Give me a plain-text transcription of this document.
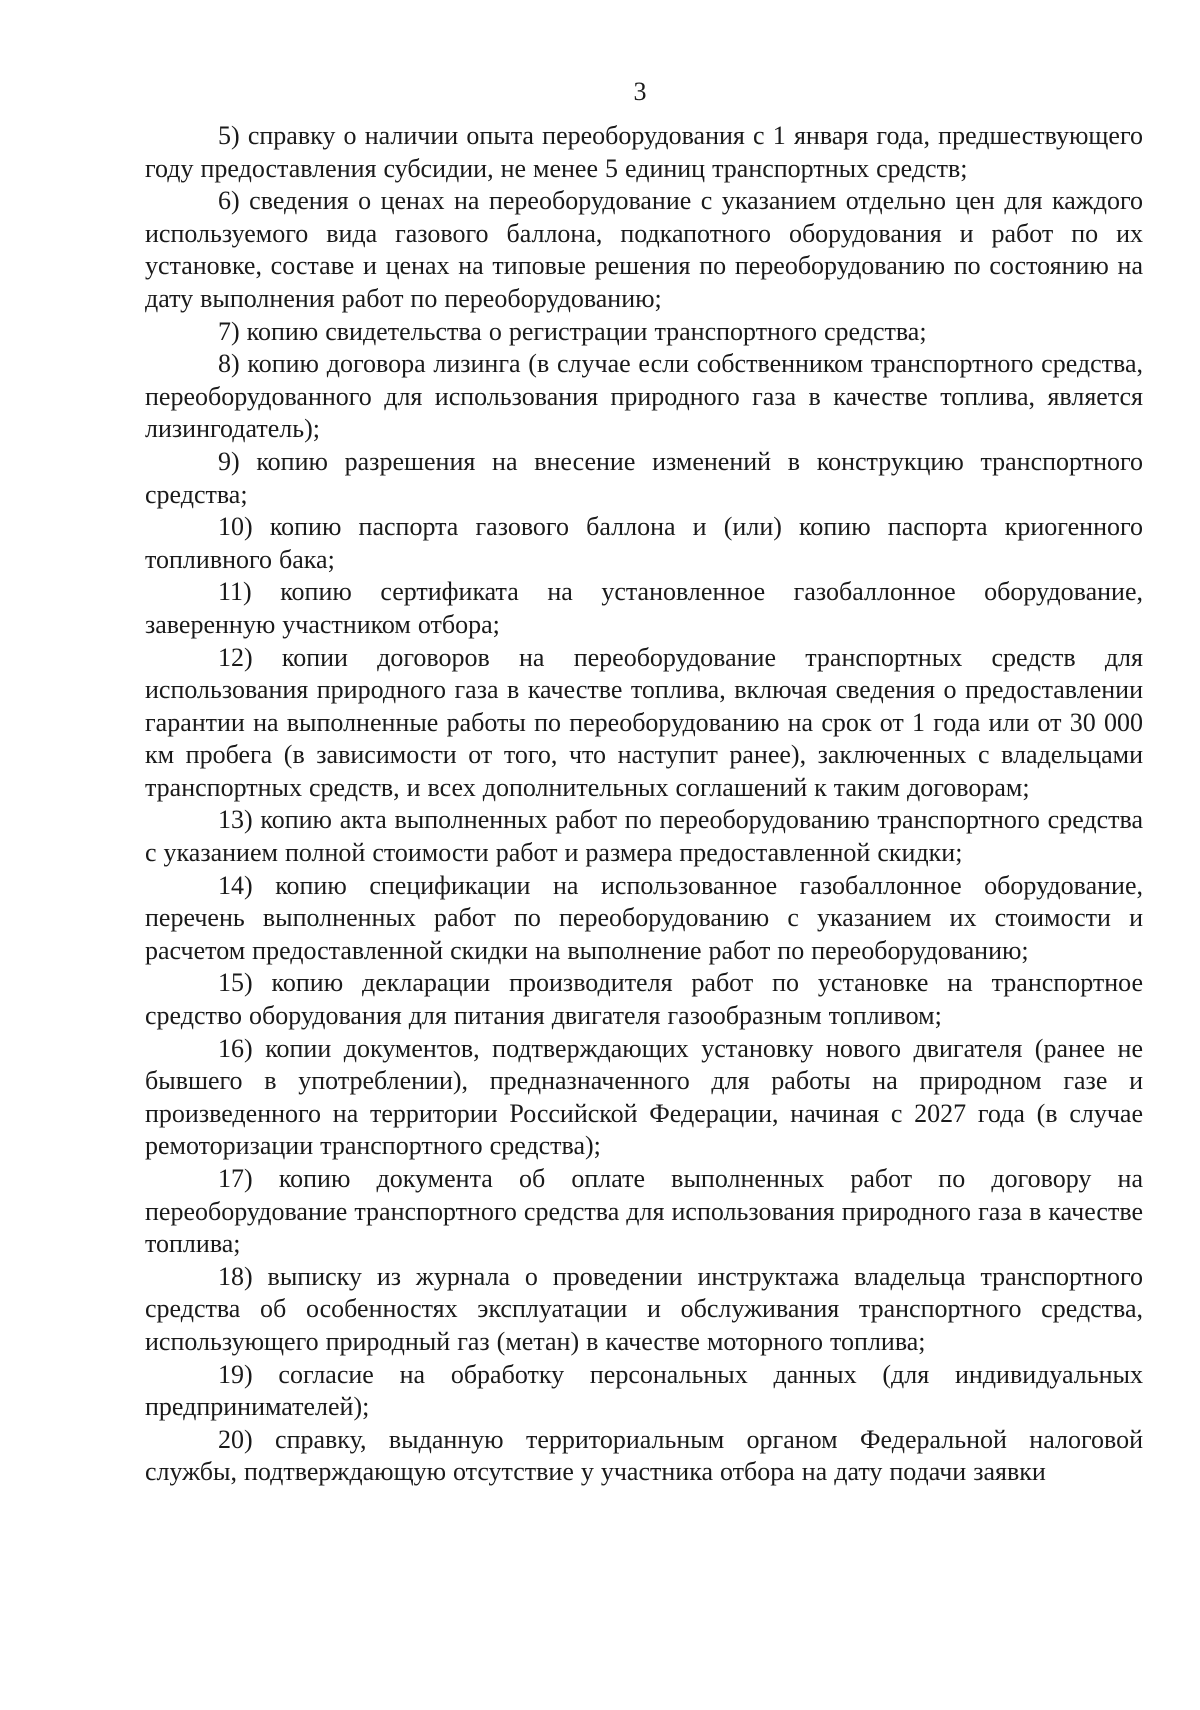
3

5) справку о наличии опыта переоборудования с 1 января года, предшествующего году предоставления субсидии, не менее 5 единиц транспортных средств;

6) сведения о ценах на переоборудование с указанием отдельно цен для каждого используемого вида газового баллона, подкапотного оборудования и работ по их установке, составе и ценах на типовые решения по переоборудованию по состоянию на дату выполнения работ по переоборудованию;

7) копию свидетельства о регистрации транспортного средства;

8) копию договора лизинга (в случае если собственником транспортного средства, переоборудованного для использования природного газа в качестве топлива, является лизингодатель);

9) копию разрешения на внесение изменений в конструкцию транспортного средства;

10) копию паспорта газового баллона и (или) копию паспорта криогенного топливного бака;

11) копию сертификата на установленное газобаллонное оборудование, заверенную участником отбора;

12) копии договоров на переоборудование транспортных средств для использования природного газа в качестве топлива, включая сведения о предоставлении гарантии на выполненные работы по переоборудованию на срок от 1 года или от 30 000 км пробега (в зависимости от того, что наступит ранее), заключенных с владельцами транспортных средств, и всех дополнительных соглашений к таким договорам;

13) копию акта выполненных работ по переоборудованию транспортного средства с указанием полной стоимости работ и размера предоставленной скидки;

14) копию спецификации на использованное газобаллонное оборудование, перечень выполненных работ по переоборудованию с указанием их стоимости и расчетом предоставленной скидки на выполнение работ по переоборудованию;

15) копию декларации производителя работ по установке на транспортное средство оборудования для питания двигателя газообразным топливом;

16) копии документов, подтверждающих установку нового двигателя (ранее не бывшего в употреблении), предназначенного для работы на природном газе и произведенного на территории Российской Федерации, начиная с 2027 года (в случае ремоторизации транспортного средства);

17) копию документа об оплате выполненных работ по договору на переоборудование транспортного средства для использования природного газа в качестве топлива;

18) выписку из журнала о проведении инструктажа владельца транспортного средства об особенностях эксплуатации и обслуживания транспортного средства, использующего природный газ (метан) в качестве моторного топлива;

19) согласие на обработку персональных данных (для индивидуальных предпринимателей);

20) справку, выданную территориальным органом Федеральной налоговой службы, подтверждающую отсутствие у участника отбора на дату подачи заявки
